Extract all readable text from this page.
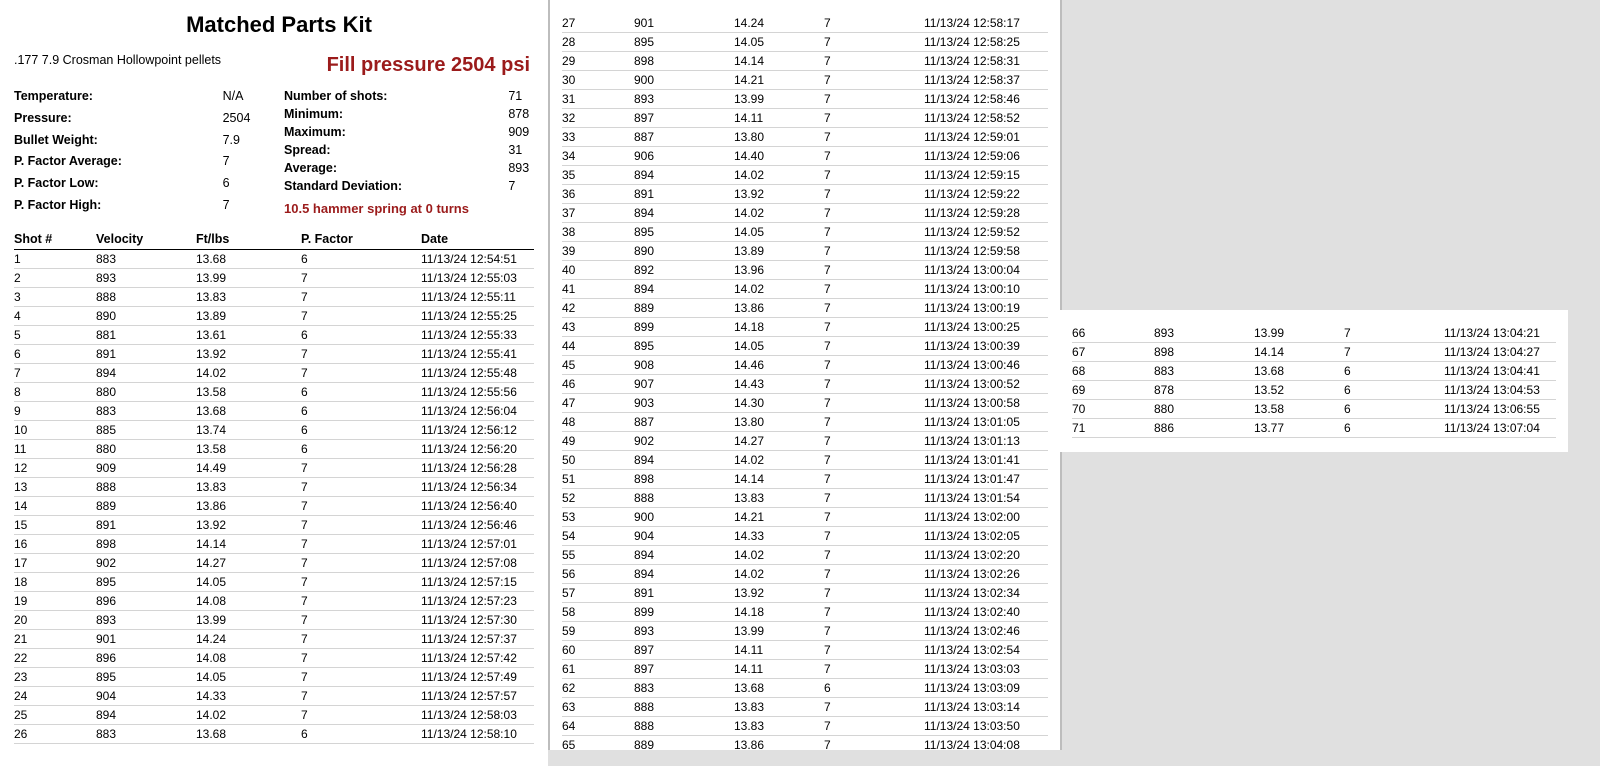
Matched Parts Kit
Fill pressure 2504 psi
.177 7.9 Crosman Hollowpoint pellets
Temperature:	N/A
Pressure:	2504
Bullet Weight:	7.9
P. Factor Average:	7
P. Factor Low:	6
P. Factor High:	7
Number of shots:	71
Minimum:	878
Maximum:	909
Spread:	31
Average:	893
Standard Deviation:	7
10.5 hammer spring at 0 turns
Shot #	Velocity	Ft/lbs	P. Factor	Date
1	883	13.68	6	11/13/24 12:54:51
2	893	13.99	7	11/13/24 12:55:03
3	888	13.83	7	11/13/24 12:55:11
4	890	13.89	7	11/13/24 12:55:25
5	881	13.61	6	11/13/24 12:55:33
6	891	13.92	7	11/13/24 12:55:41
7	894	14.02	7	11/13/24 12:55:48
8	880	13.58	6	11/13/24 12:55:56
9	883	13.68	6	11/13/24 12:56:04
10	885	13.74	6	11/13/24 12:56:12
11	880	13.58	6	11/13/24 12:56:20
12	909	14.49	7	11/13/24 12:56:28
13	888	13.83	7	11/13/24 12:56:34
14	889	13.86	7	11/13/24 12:56:40
15	891	13.92	7	11/13/24 12:56:46
16	898	14.14	7	11/13/24 12:57:01
17	902	14.27	7	11/13/24 12:57:08
18	895	14.05	7	11/13/24 12:57:15
19	896	14.08	7	11/13/24 12:57:23
20	893	13.99	7	11/13/24 12:57:30
21	901	14.24	7	11/13/24 12:57:37
22	896	14.08	7	11/13/24 12:57:42
23	895	14.05	7	11/13/24 12:57:49
24	904	14.33	7	11/13/24 12:57:57
25	894	14.02	7	11/13/24 12:58:03
26	883	13.68	6	11/13/24 12:58:10
27	901	14.24	7	11/13/24 12:58:17
28	895	14.05	7	11/13/24 12:58:25
29	898	14.14	7	11/13/24 12:58:31
30	900	14.21	7	11/13/24 12:58:37
31	893	13.99	7	11/13/24 12:58:46
32	897	14.11	7	11/13/24 12:58:52
33	887	13.80	7	11/13/24 12:59:01
34	906	14.40	7	11/13/24 12:59:06
35	894	14.02	7	11/13/24 12:59:15
36	891	13.92	7	11/13/24 12:59:22
37	894	14.02	7	11/13/24 12:59:28
38	895	14.05	7	11/13/24 12:59:52
39	890	13.89	7	11/13/24 12:59:58
40	892	13.96	7	11/13/24 13:00:04
41	894	14.02	7	11/13/24 13:00:10
42	889	13.86	7	11/13/24 13:00:19
43	899	14.18	7	11/13/24 13:00:25
44	895	14.05	7	11/13/24 13:00:39
45	908	14.46	7	11/13/24 13:00:46
46	907	14.43	7	11/13/24 13:00:52
47	903	14.30	7	11/13/24 13:00:58
48	887	13.80	7	11/13/24 13:01:05
49	902	14.27	7	11/13/24 13:01:13
50	894	14.02	7	11/13/24 13:01:41
51	898	14.14	7	11/13/24 13:01:47
52	888	13.83	7	11/13/24 13:01:54
53	900	14.21	7	11/13/24 13:02:00
54	904	14.33	7	11/13/24 13:02:05
55	894	14.02	7	11/13/24 13:02:20
56	894	14.02	7	11/13/24 13:02:26
57	891	13.92	7	11/13/24 13:02:34
58	899	14.18	7	11/13/24 13:02:40
59	893	13.99	7	11/13/24 13:02:46
60	897	14.11	7	11/13/24 13:02:54
61	897	14.11	7	11/13/24 13:03:03
62	883	13.68	6	11/13/24 13:03:09
63	888	13.83	7	11/13/24 13:03:14
64	888	13.83	7	11/13/24 13:03:50
65	889	13.86	7	11/13/24 13:04:08
66	893	13.99	7	11/13/24 13:04:21
67	898	14.14	7	11/13/24 13:04:27
68	883	13.68	6	11/13/24 13:04:41
69	878	13.52	6	11/13/24 13:04:53
70	880	13.58	6	11/13/24 13:06:55
71	886	13.77	6	11/13/24 13:07:04
